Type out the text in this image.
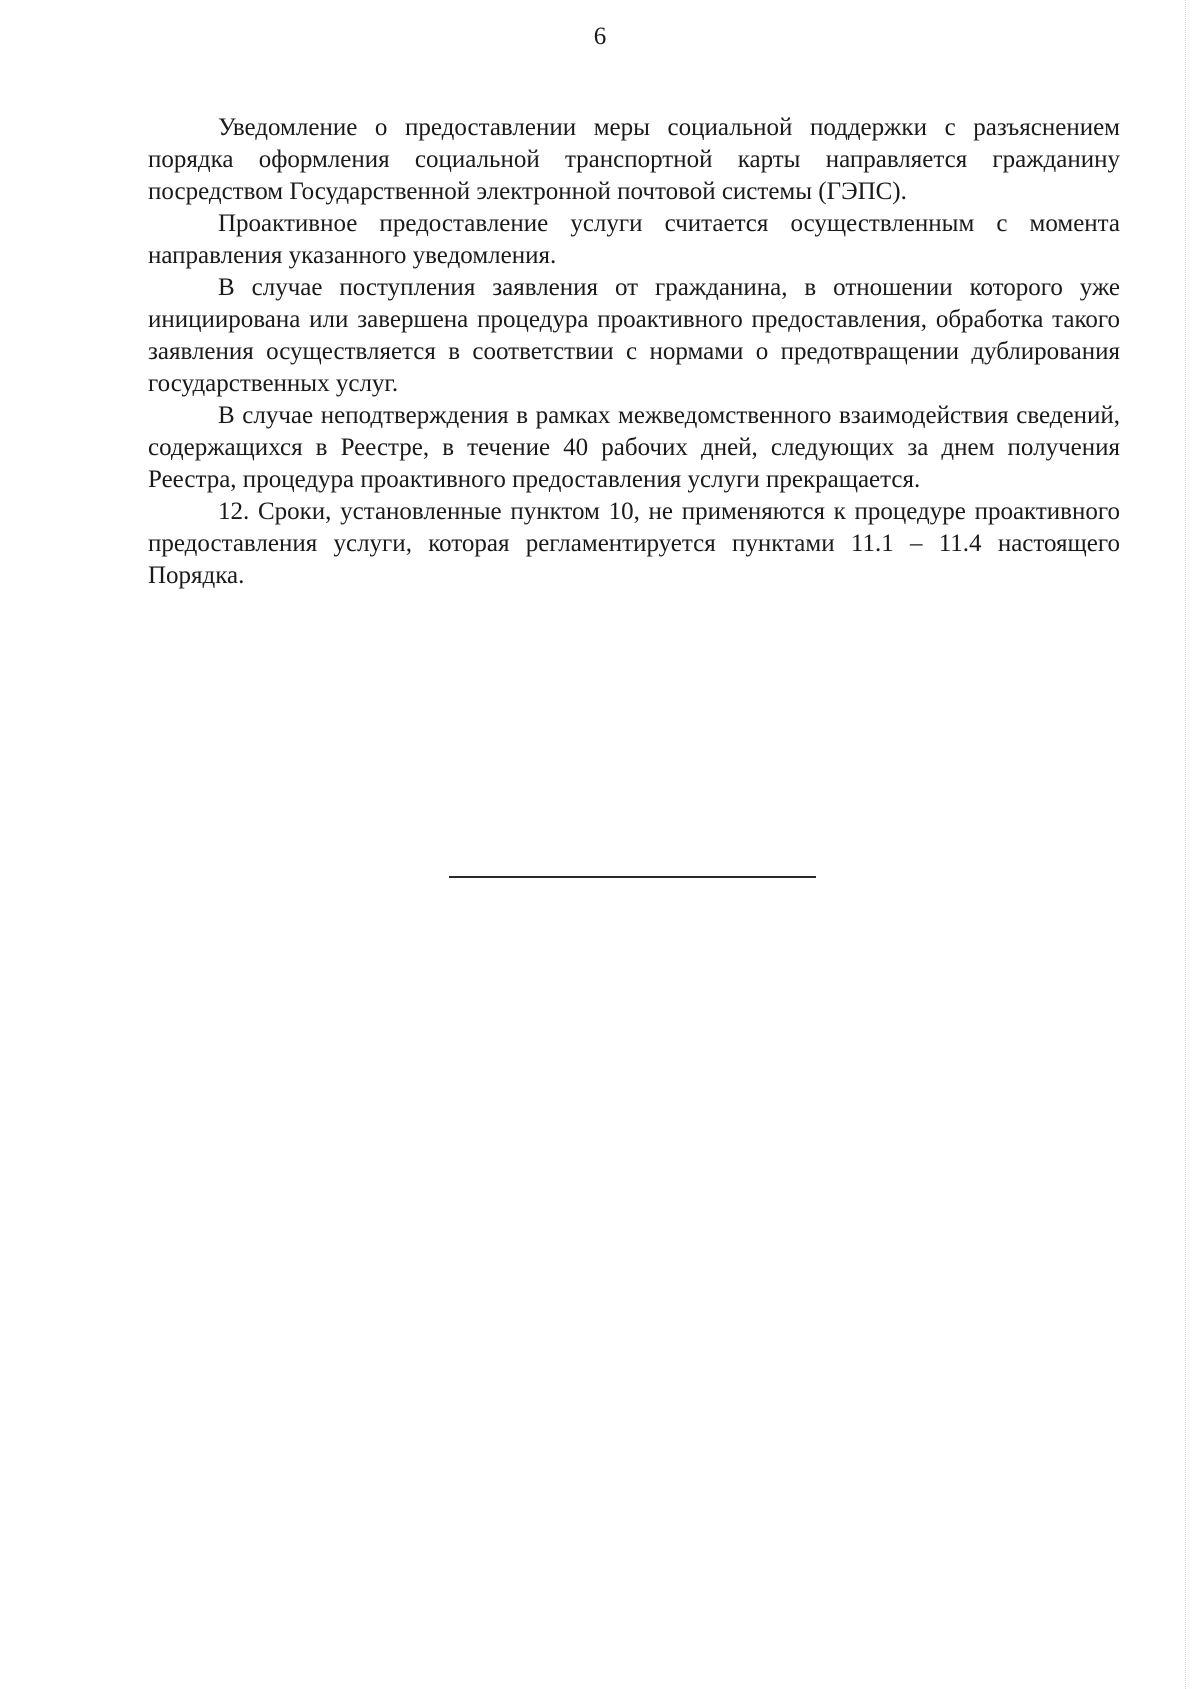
6

Уведомление о предоставлении меры социальной поддержки с разъяснением порядка оформления социальной транспортной карты направляется гражданину посредством Государственной электронной почтовой системы (ГЭПС).

Проактивное предоставление услуги считается осуществленным с момента направления указанного уведомления.

В случае поступления заявления от гражданина, в отношении которого уже инициирована или завершена процедура проактивного предоставления, обработка такого заявления осуществляется в соответствии с нормами о предотвращении дублирования государственных услуг.

В случае неподтверждения в рамках межведомственного взаимодействия сведений, содержащихся в Реестре, в течение 40 рабочих дней, следующих за днем получения Реестра, процедура проактивного предоставления услуги прекращается.

12. Сроки, установленные пунктом 10, не применяются к процедуре проактивного предоставления услуги, которая регламентируется пунктами 11.1 – 11.4 настоящего Порядка.
